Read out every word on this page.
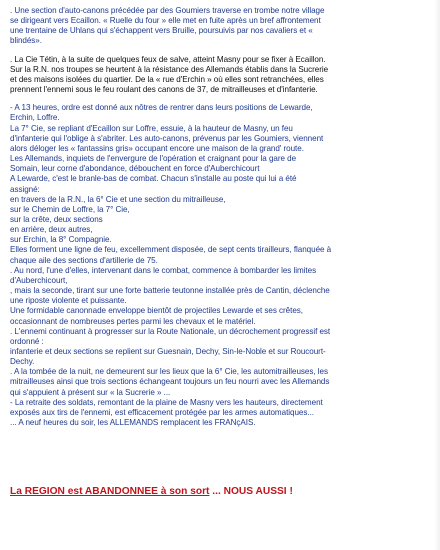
. Une section d'auto-canons précédée par des Goumiers traverse en trombe notre village
se dirigeant vers Ecaillon. « Ruelle du four » elle met en fuite après un bref affrontement
une trentaine de Uhlans qui s'échappent vers Bruille, poursuivis par nos cavaliers et «
blindés».
. La Cie Tétin, à la suite de quelques feux de salve, atteint Masny pour se fixer à Ecaillon.
Sur la R.N. nos troupes se heurtent à la résistance des Allemands établis dans la Sucrerie
et des maisons isolées du quartier. De la « rue d'Erchin » où elles sont retranchées, elles
prennent l'ennemi sous le feu roulant des canons de 37, de mitrailleuses et d'infanterie.
- A 13 heures, ordre est donné aux nôtres de rentrer dans leurs positions de Lewarde,
Erchin, Loffre.
La 7° Cie, se repliant d'Ecaillon sur Loffre, essuie, à la hauteur de Masny, un feu
d'infanterie qui l'oblige à s'abriter. Les auto-canons, prévenus par les Goumiers, viennent
alors déloger les « fantassins gris» occupant encore une maison de la grand' route.
Les Allemands, inquiets de l'envergure de l'opération et craignant pour la gare de
Somain, leur corne d'abondance, débouchent en force d'Auberchicourt
A Lewarde, c'est le branle-bas de combat. Chacun s'installe au poste qui lui a été
assigné:
en travers de la R.N., la 6° Cie et une section du mitrailleuse,
sur le Chemin de Loffre, la 7° Cie,
sur la crête, deux sections
en arrière, deux autres,
sur Erchin, la 8° Compagnie.
Elles forment une ligne de feu, excellemment disposée, de sept cents tirailleurs, flanquée à
chaque aile des sections d'artillerie de 75.
. Au nord, l'une d'elles, intervenant dans le combat, commence à bombarder les limites
d'Auberchicourt,
, mais la seconde, tirant sur une forte batterie teutonne installée près de Cantin, déclenche
une riposte violente et puissante.
Une formidable canonnade enveloppe bientôt de projectiles Lewarde et ses crêtes,
occasionnant de nombreuses pertes parmi les chevaux et le matériel.
. L'ennemi continuant à progresser sur la Route Nationale, un décrochement progressif est
ordonné :
infanterie et deux sections se replient sur Guesnain, Dechy, Sin-le-Noble et sur Roucourt-
Dechy.
. A la tombée de la nuit, ne demeurent sur les lieux que la 6° Cie, les automitrailleuses, les
mitrailleuses ainsi que trois sections échangeant toujours un feu nourri avec les Allemands
qui s'appuient à présent sur « la Sucrerie » ...
- La retraite des soldats, remontant de la plaine de Masny vers les hauteurs, directement
exposés aux tirs de l'ennemi, est efficacement protégée par les armes automatiques...
... A neuf heures du soir, les ALLEMANDS remplacent les FRANçAIS.
La REGION est ABANDONNEE à son sort ... NOUS AUSSI !
